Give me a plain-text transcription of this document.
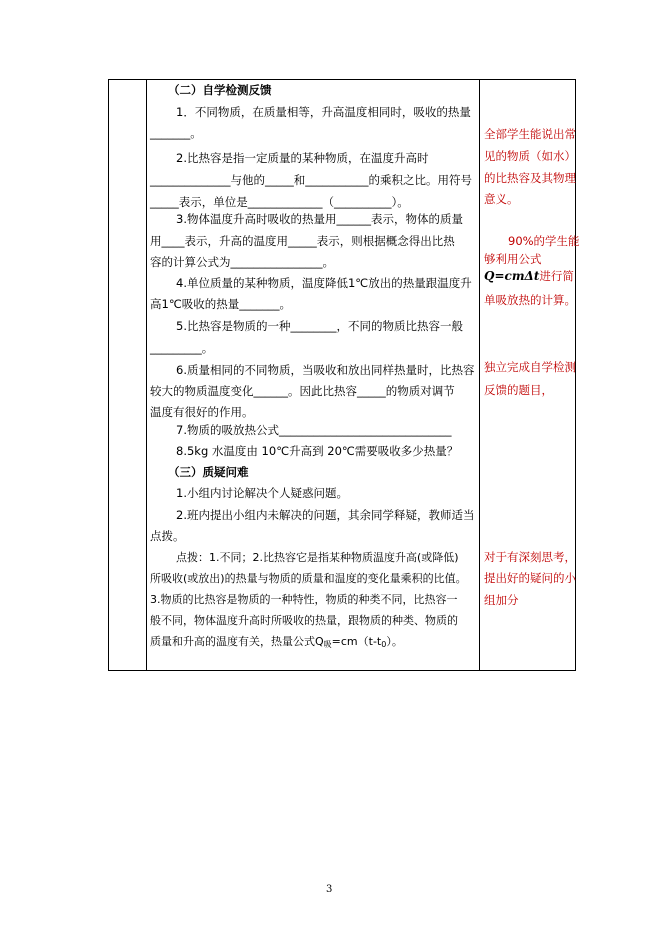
（二）自学检测反馈
1．不同物质，在质量相等，升高温度相同时，吸收的热量
_______。
2.比热容是指一定质量的某种物质，在温度升高时
______________与他的_____和___________的乘积之比。用符号
_____表示，单位是_____________（__________）。
3.物体温度升高时吸收的热量用______表示，物体的质量
用____表示，升高的温度用_____表示，则根据概念得出比热
容的计算公式为________________。
4.单位质量的某种物质，温度降低1℃放出的热量跟温度升
高1℃吸收的热量_______。
5.比热容是物质的一种________，不同的物质比热容一般
_________。
6.质量相同的不同物质，当吸收和放出同样热量时，比热容
较大的物质温度变化______。因此比热容_____的物质对调节
温度有很好的作用。
7.物质的吸放热公式______________________________
8.5kg 水温度由 10℃升高到 20℃需要吸收多少热量？
（三）质疑问难
1.小组内讨论解决个人疑惑问题。
2.班内提出小组内未解决的问题，其余同学释疑，教师适当
点拨。
点拨：1.不同；2.比热容它是指某种物质温度升高(或降低)
所吸收(或放出)的热量与物质的质量和温度的变化量乘积的比值。
3.物质的比热容是物质的一种特性，物质的种类不同，比热容一
般不同，物体温度升高时所吸收的热量，跟物质的种类、物质的
质量和升高的温度有关，热量公式$Q_吸=cm(t-t_0)$。
全部学生能说出常
见的物质（如水）
的比热容及其物理
意义。
90%的学生能
够利用公式
Q=cmΔt进行简
单吸放热的计算。
独立完成自学检测
反馈的题目，
对于有深刻思考，
提出好的疑问的小
组加分
3
